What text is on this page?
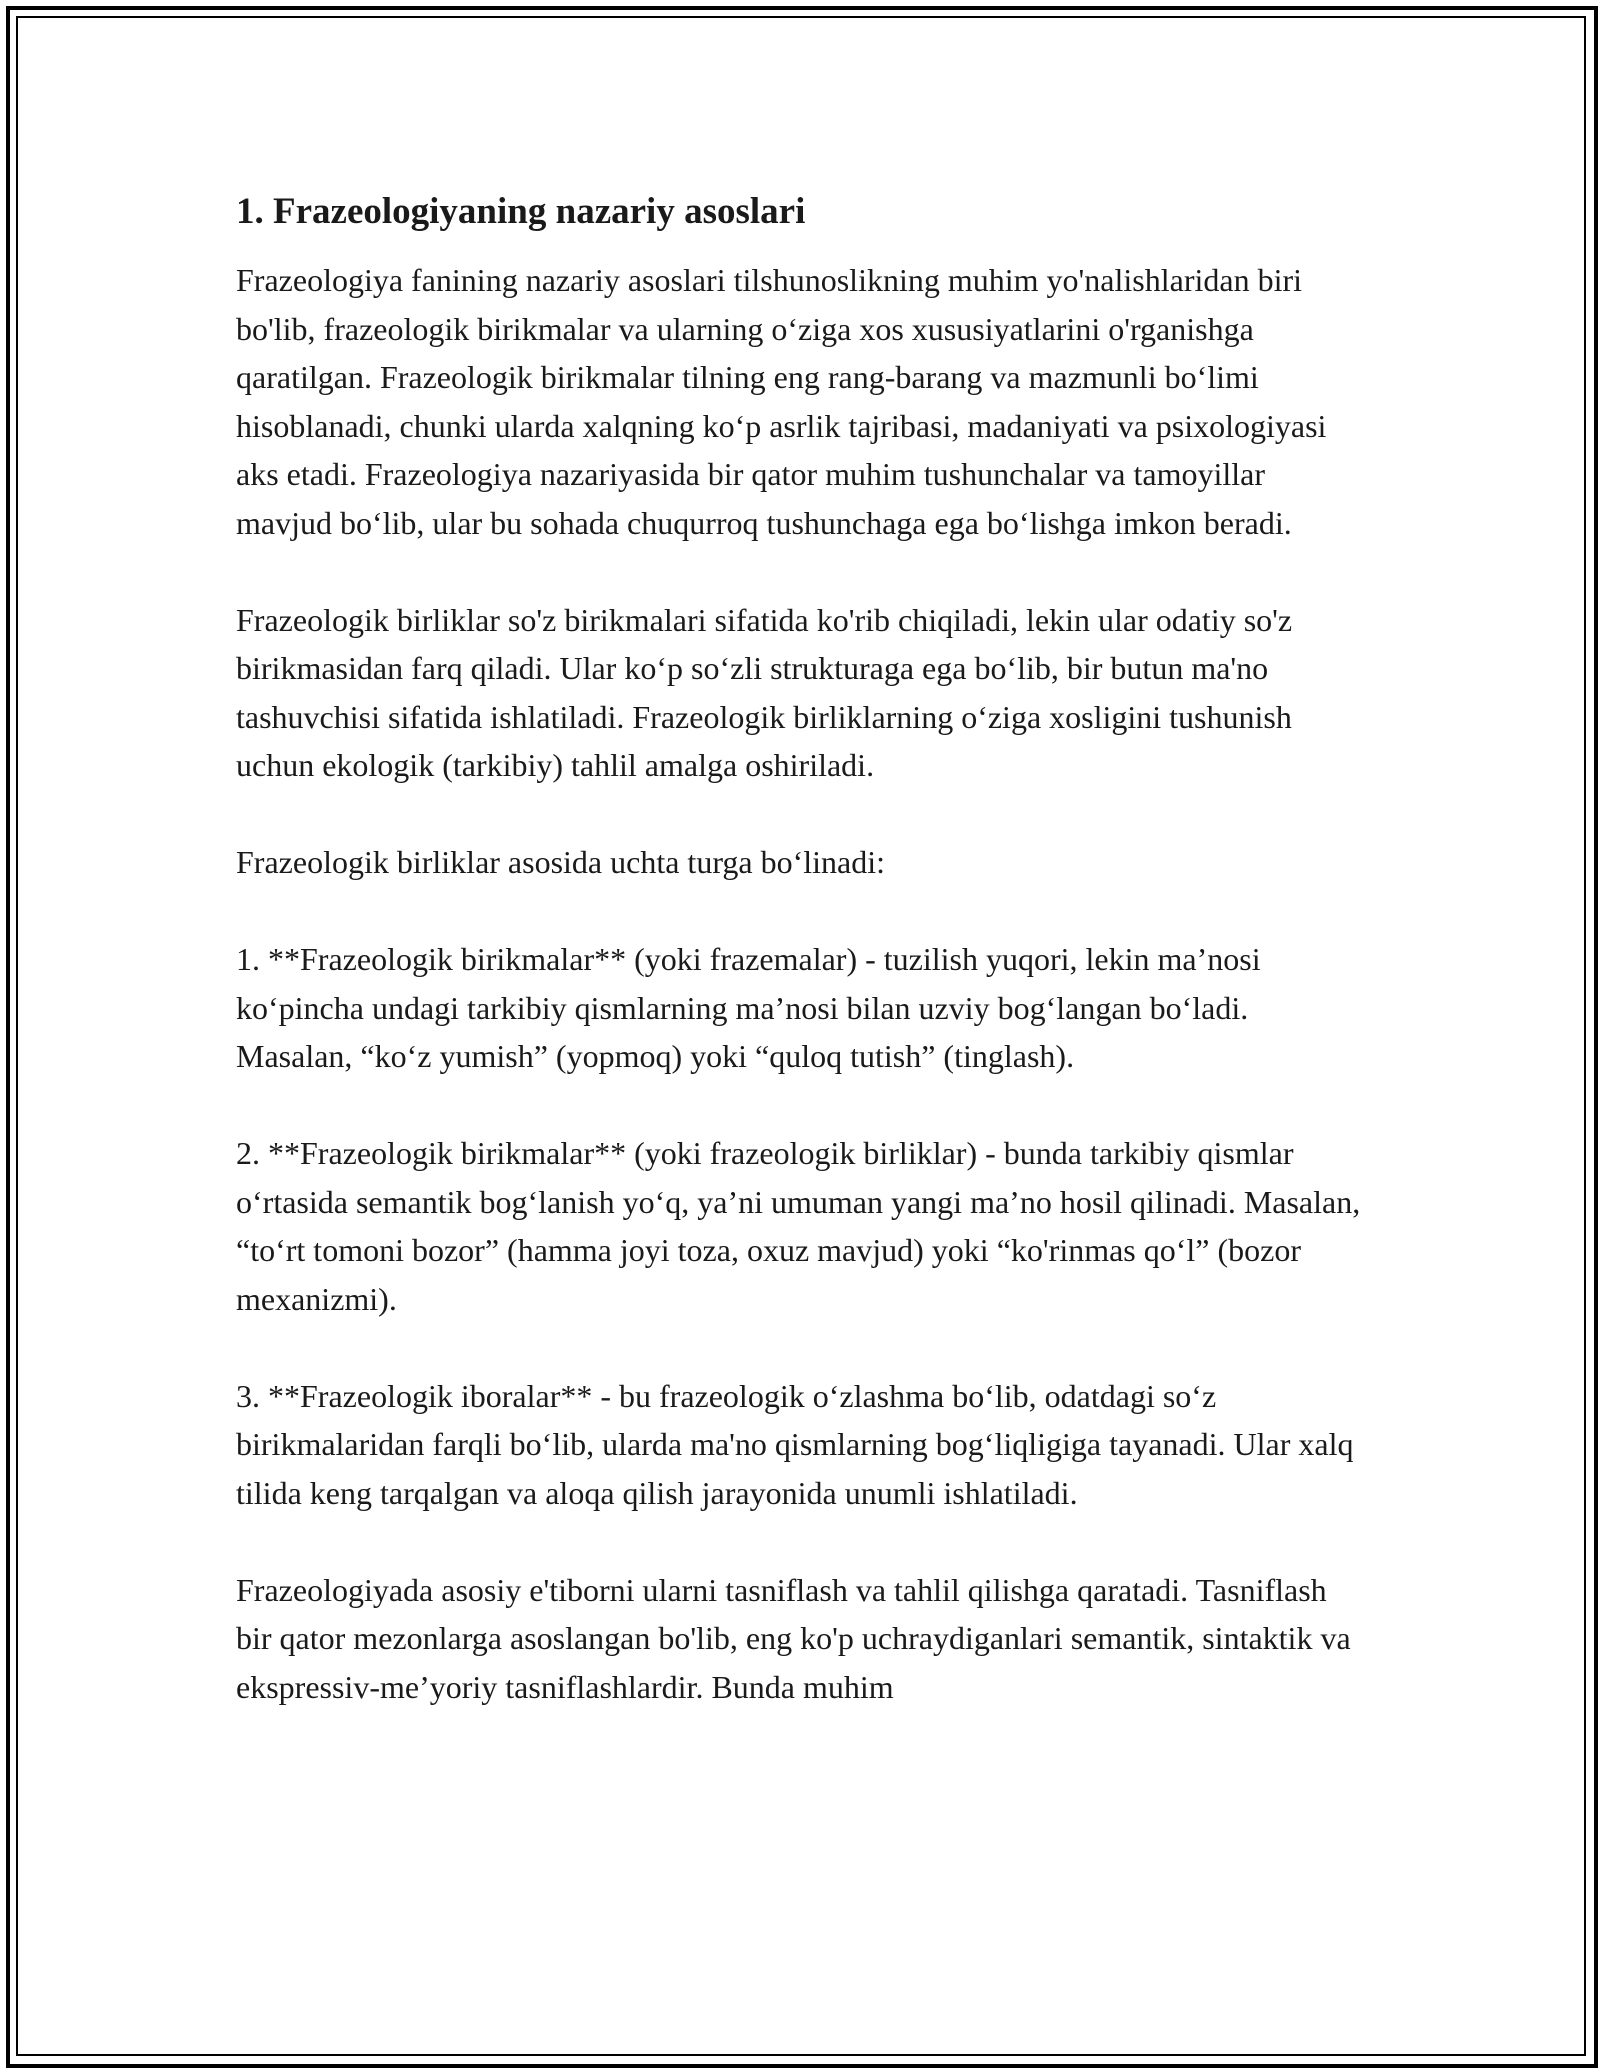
1. Frazeologiyaning nazariy asoslari

Frazeologiya fanining nazariy asoslari tilshunoslikning muhim yo'nalishlaridan biri bo'lib, frazeologik birikmalar va ularning o‘ziga xos xususiyatlarini o'rganishga qaratilgan. Frazeologik birikmalar tilning eng rang-barang va mazmunli bo‘limi hisoblanadi, chunki ularda xalqning ko‘p asrlik tajribasi, madaniyati va psixologiyasi aks etadi. Frazeologiya nazariyasida bir qator muhim tushunchalar va tamoyillar mavjud bo‘lib, ular bu sohada chuqurroq tushunchaga ega bo‘lishga imkon beradi.

Frazeologik birliklar so'z birikmalari sifatida ko'rib chiqiladi, lekin ular odatiy so'z birikmasidan farq qiladi. Ular ko‘p so‘zli strukturaga ega bo‘lib, bir butun ma'no tashuvchisi sifatida ishlatiladi. Frazeologik birliklarning o‘ziga xosligini tushunish uchun ekologik (tarkibiy) tahlil amalga oshiriladi.

Frazeologik birliklar asosida uchta turga bo‘linadi:

1. **Frazeologik birikmalar** (yoki frazemalar) - tuzilish yuqori, lekin ma’nosi ko‘pincha undagi tarkibiy qismlarning ma’nosi bilan uzviy bog‘langan bo‘ladi. Masalan, “ko‘z yumish” (yopmoq) yoki “quloq tutish” (tinglash).

2. **Frazeologik birikmalar** (yoki frazeologik birliklar) - bunda tarkibiy qismlar o‘rtasida semantik bog‘lanish yo‘q, ya’ni umuman yangi ma’no hosil qilinadi. Masalan, “to‘rt tomoni bozor” (hamma joyi toza, oxuz mavjud) yoki “ko'rinmas qo‘l” (bozor mexanizmi).

3. **Frazeologik iboralar** - bu frazeologik o‘zlashma bo‘lib, odatdagi so‘z birikmalaridan farqli bo‘lib, ularda ma'no qismlarning bog‘liqligiga tayanadi. Ular xalq tilida keng tarqalgan va aloqa qilish jarayonida unumli ishlatiladi.

Frazeologiyada asosiy e'tiborni ularni tasniflash va tahlil qilishga qaratadi. Tasniflash bir qator mezonlarga asoslangan bo'lib, eng ko'p uchraydiganlari semantik, sintaktik va ekspressiv-me’yoriy tasniflashlardir. Bunda muhim
